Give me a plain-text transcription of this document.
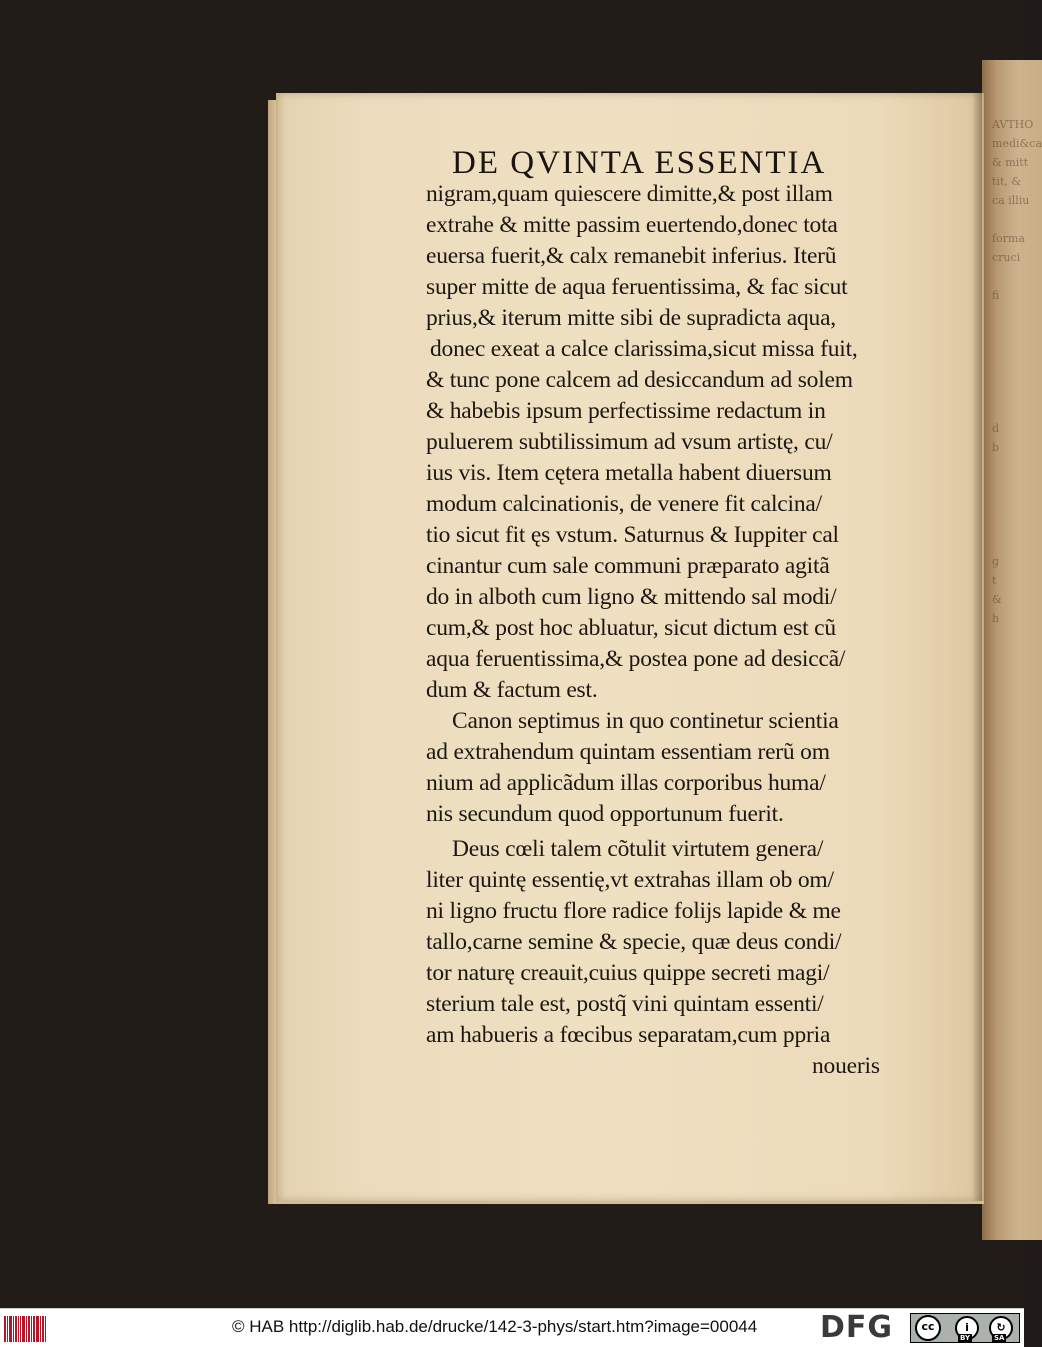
AVTHO
medi&ca
& mitt
tit, &
ca illiu

forma
cruci

fi

d
b

g
t
&
h
DE QVINTA ESSENTIA
nigram,quam quiescere dimitte,& post illam
extrahe & mitte passim euertendo,donec tota
euersa fuerit,& calx remanebit inferius. Iterũ
super mitte de aqua feruentissima, & fac sicut
prius,& iterum mitte sibi de supradicta aqua,
donec exeat a calce clarissima,sicut missa fuit,
& tunc pone calcem ad desiccandum ad solem
& habebis ipsum perfectissime redactum in
puluerem subtilissimum ad vsum artistę, cu/
ius vis. Item cętera metalla habent diuersum
modum calcinationis, de venere fit calcina/
tio sicut fit ęs vstum. Saturnus & Iuppiter cal
cinantur cum sale communi præparato agitã
do in alboth cum ligno & mittendo sal modi/
cum,& post hoc abluatur, sicut dictum est cũ
aqua feruentissima,& postea pone ad desiccã/
dum & factum est.
Canon septimus in quo continetur scientia
ad extrahendum quintam essentiam rerũ om
nium ad applicãdum illas corporibus huma/
nis secundum quod opportunum fuerit.
Deus cœli talem cõtulit virtutem genera/
liter quintę essentię,vt extrahas illam ob om/
ni ligno fructu flore radice folijs lapide & me
tallo,carne semine & specie, quæ deus condi/
tor naturę creauit,cuius quippe secreti magi/
sterium tale est, postq̃ vini quintam essenti/
am habueris a fœcibus separatam,cum ppria
noueris
© HAB http://diglib.hab.de/drucke/142-3-phys/start.htm?image=00044 DFG	cc	i	↻
BY	SA
